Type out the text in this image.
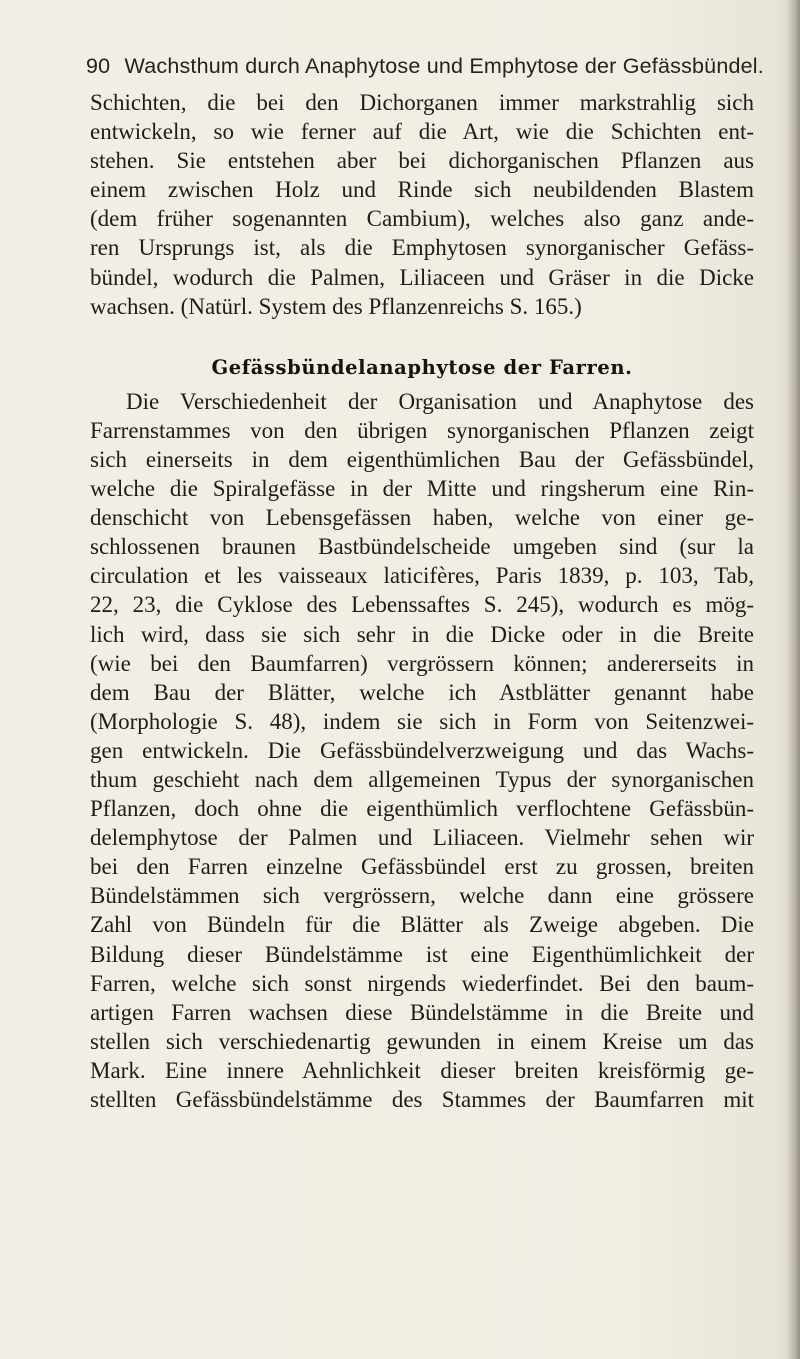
90 Wachsthum durch Anaphytose und Emphytose der Gefässbündel.
Schichten, die bei den Dichorganen immer markstrahlig sich
entwickeln, so wie ferner auf die Art, wie die Schichten ent-
stehen. Sie entstehen aber bei dichorganischen Pflanzen aus
einem zwischen Holz und Rinde sich neubildenden Blastem
(dem früher sogenannten Cambium), welches also ganz ande-
ren Ursprungs ist, als die Emphytosen synorganischer Gefäss-
bündel, wodurch die Palmen, Liliaceen und Gräser in die Dicke
wachsen. (Natürl. System des Pflanzenreichs S. 165.)
Gefässbündelanaphytose der Farren.
Die Verschiedenheit der Organisation und Anaphytose des
Farrenstammes von den übrigen synorganischen Pflanzen zeigt
sich einerseits in dem eigenthümlichen Bau der Gefässbündel,
welche die Spiralgefässe in der Mitte und ringsherum eine Rin-
denschicht von Lebensgefässen haben, welche von einer ge-
schlossenen braunen Bastbündelscheide umgeben sind (sur la
circulation et les vaisseaux laticifères, Paris 1839, p. 103, Tab,
22, 23, die Cyklose des Lebenssaftes S. 245), wodurch es mög-
lich wird, dass sie sich sehr in die Dicke oder in die Breite
(wie bei den Baumfarren) vergrössern können; andererseits in
dem Bau der Blätter, welche ich Astblätter genannt habe
(Morphologie S. 48), indem sie sich in Form von Seitenzwei-
gen entwickeln. Die Gefässbündelverzweigung und das Wachs-
thum geschieht nach dem allgemeinen Typus der synorganischen
Pflanzen, doch ohne die eigenthümlich verflochtene Gefässbün-
delemphytose der Palmen und Liliaceen. Vielmehr sehen wir
bei den Farren einzelne Gefässbündel erst zu grossen, breiten
Bündelstämmen sich vergrössern, welche dann eine grössere
Zahl von Bündeln für die Blätter als Zweige abgeben. Die
Bildung dieser Bündelstämme ist eine Eigenthümlichkeit der
Farren, welche sich sonst nirgends wiederfindet. Bei den baum-
artigen Farren wachsen diese Bündelstämme in die Breite und
stellen sich verschiedenartig gewunden in einem Kreise um das
Mark. Eine innere Aehnlichkeit dieser breiten kreisförmig ge-
stellten Gefässbündelstämme des Stammes der Baumfarren mit
